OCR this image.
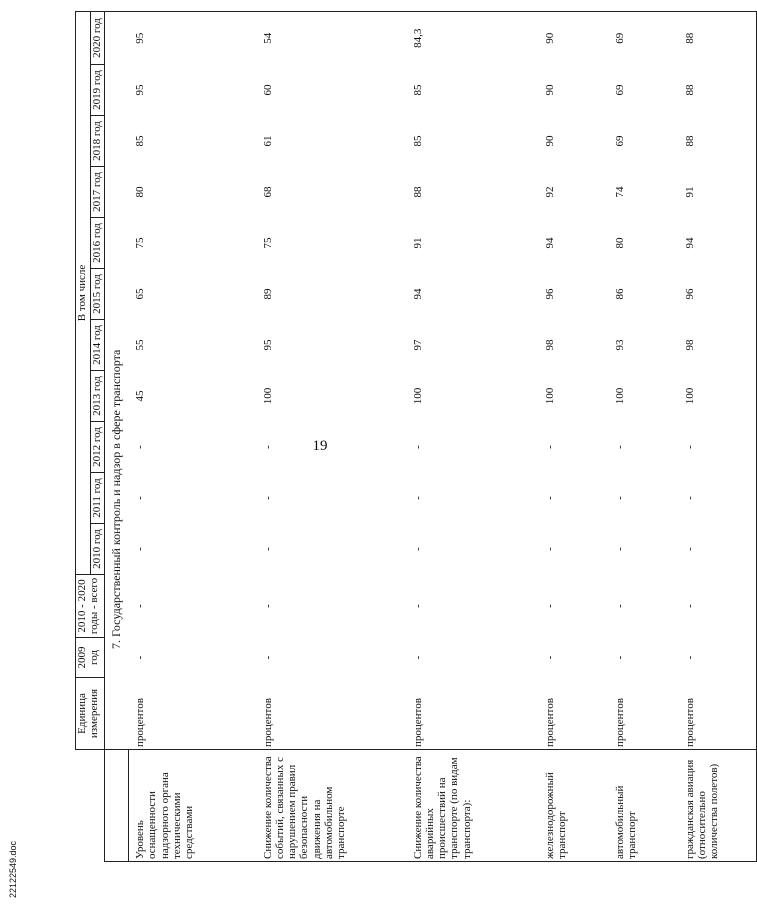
19
	Единица измерения	2009 год	2010 - 2020 годы - всего	В том числе										
				2010 год	2011 год	2012 год	2013 год	2014 год	2015 год	2016 год	2017 год	2018 год	2019 год	2020 год
	7. Государственный контроль и надзор в сфере транспорта													
Уровень оснащенности надзорного органа техническими средствами	процентов	-	-	-	-	-	45	55	65	75	80	85	95	95
Снижение количества событий, связанных с нарушением правил безопасности движения на автомобильном транспорте	процентов	-	-	-	-	-	100	95	89	75	68	61	60	54
Снижение количества аварийных происшествий на транспорте (по видам транспорта):	процентов	-	-	-	-	-	100	97	94	91	88	85	85	84,3
железнодорожный транспорт	процентов	-	-	-	-	-	100	98	96	94	92	90	90	90
автомобильный транспорт	процентов	-	-	-	-	-	100	93	86	80	74	69	69	69
гражданская авиация (относительно количества полетов)	процентов	-	-	-	-	-	100	98	96	94	91	88	88	88
22122549.doc
